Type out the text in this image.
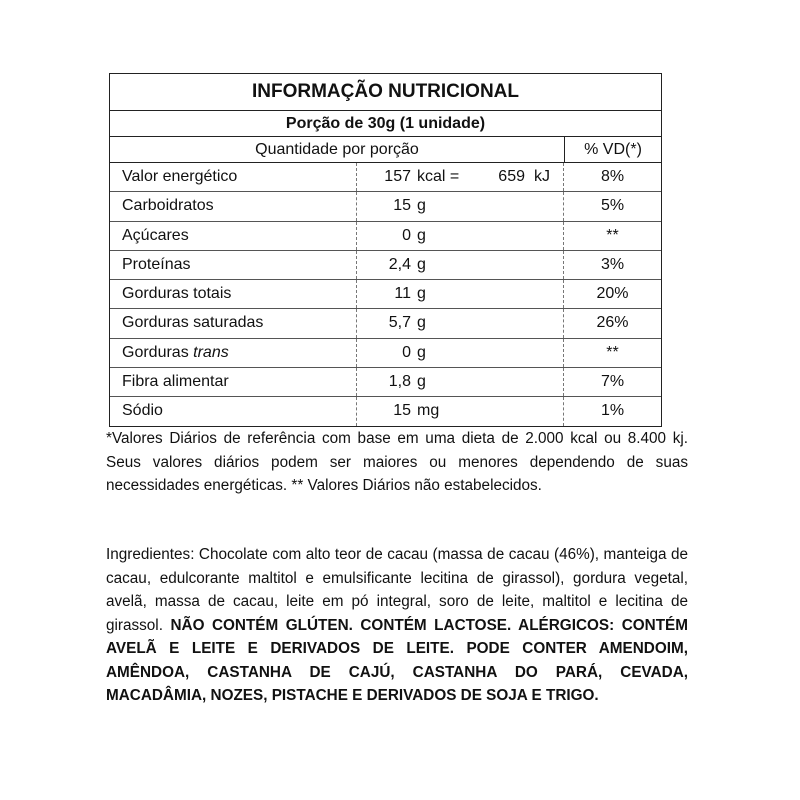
INFORMAÇÃO NUTRICIONAL
Porção de 30g (1 unidade)
Quantidade por porção	% VD(*)
Valor energético	157 kcal = 659 kJ	8%
Carboidratos	15 g	5%
Açúcares	0 g	**
Proteínas	2,4 g	3%
Gorduras totais	11 g	20%
Gorduras saturadas	5,7 g	26%
Gorduras trans	0 g	**
Fibra alimentar	1,8 g	7%
Sódio	15 mg	1%
*Valores Diários de referência com base em uma dieta de 2.000 kcal ou 8.400 kj. Seus valores diários podem ser maiores ou menores dependendo de suas necessidades energéticas. ** Valores Diários não estabelecidos.
Ingredientes: Chocolate com alto teor de cacau (massa de cacau (46%), manteiga de cacau, edulcorante maltitol e emulsificante lecitina de girassol), gordura vegetal, avelã, massa de cacau, leite em pó integral, soro de leite, maltitol e lecitina de girassol. NÃO CONTÉM GLÚTEN. CONTÉM LACTOSE. ALÉRGICOS: CONTÉM AVELÃ E LEITE E DERIVADOS DE LEITE. PODE CONTER AMENDOIM, AMÊNDOA, CASTANHA DE CAJÚ, CASTANHA DO PARÁ, CEVADA, MACADÂMIA, NOZES, PISTACHE E DERIVADOS DE SOJA E TRIGO.
